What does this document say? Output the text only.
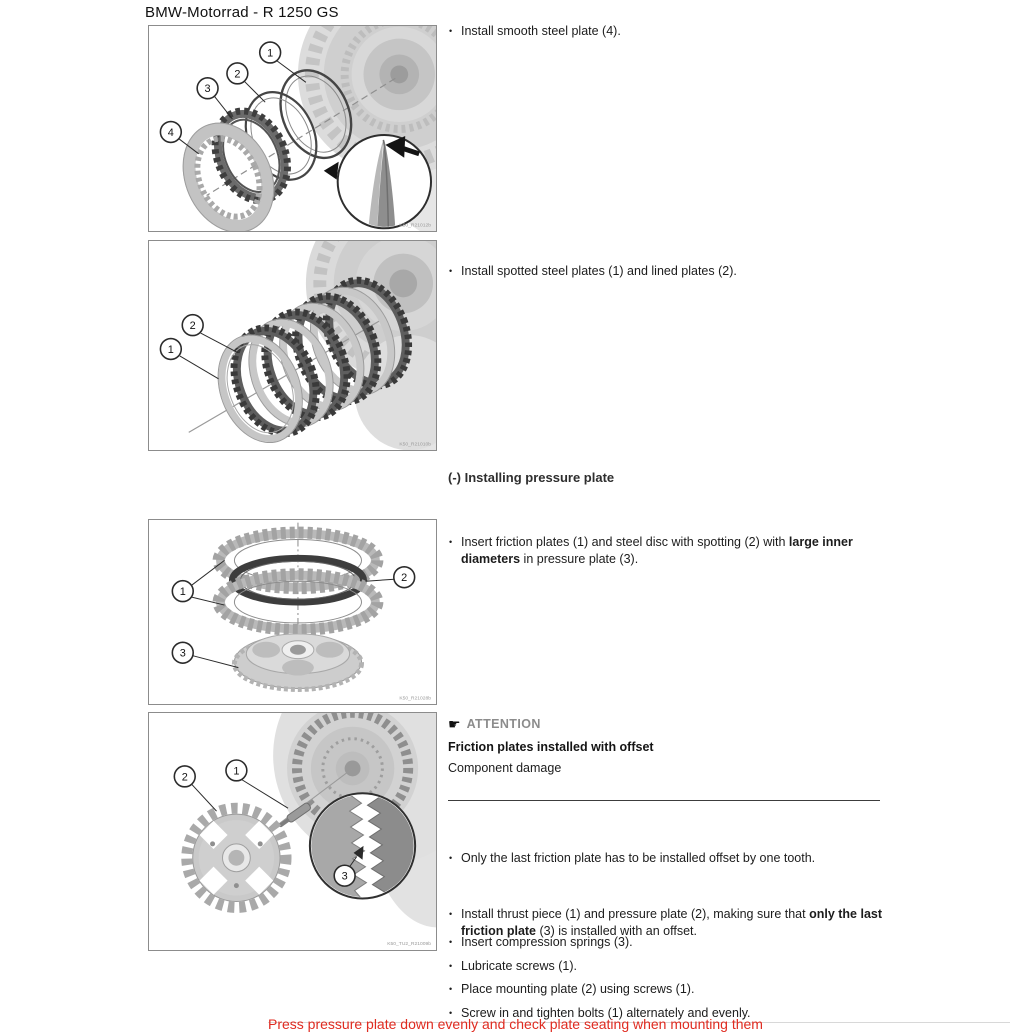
BMW-Motorrad - R 1250 GS
1
2
3
4
K50_R21012b
2
1
K50_R21010b
• Install smooth steel plate (4).
• Install spotted steel plates (1) and lined plates (2).
(-) Installing pressure plate
• Insert friction plates (1) and steel disc with spotting (2) with large inner
diameters in pressure plate (3).
1
2
3
K50_R21028b
1
2
3
K50_TU2_R21009b
☛ ATTENTION
Friction plates installed with offset
Component damage
• Only the last friction plate has to be installed offset by one tooth.
• Install thrust piece (1) and pressure plate (2), making sure that only the last
friction plate (3) is installed with an offset.
• Insert compression springs (3).
• Lubricate screws (1).
• Place mounting plate (2) using screws (1).
• Screw in and tighten bolts (1) alternately and evenly.
Press pressure plate down evenly and check plate seating when mounting them
